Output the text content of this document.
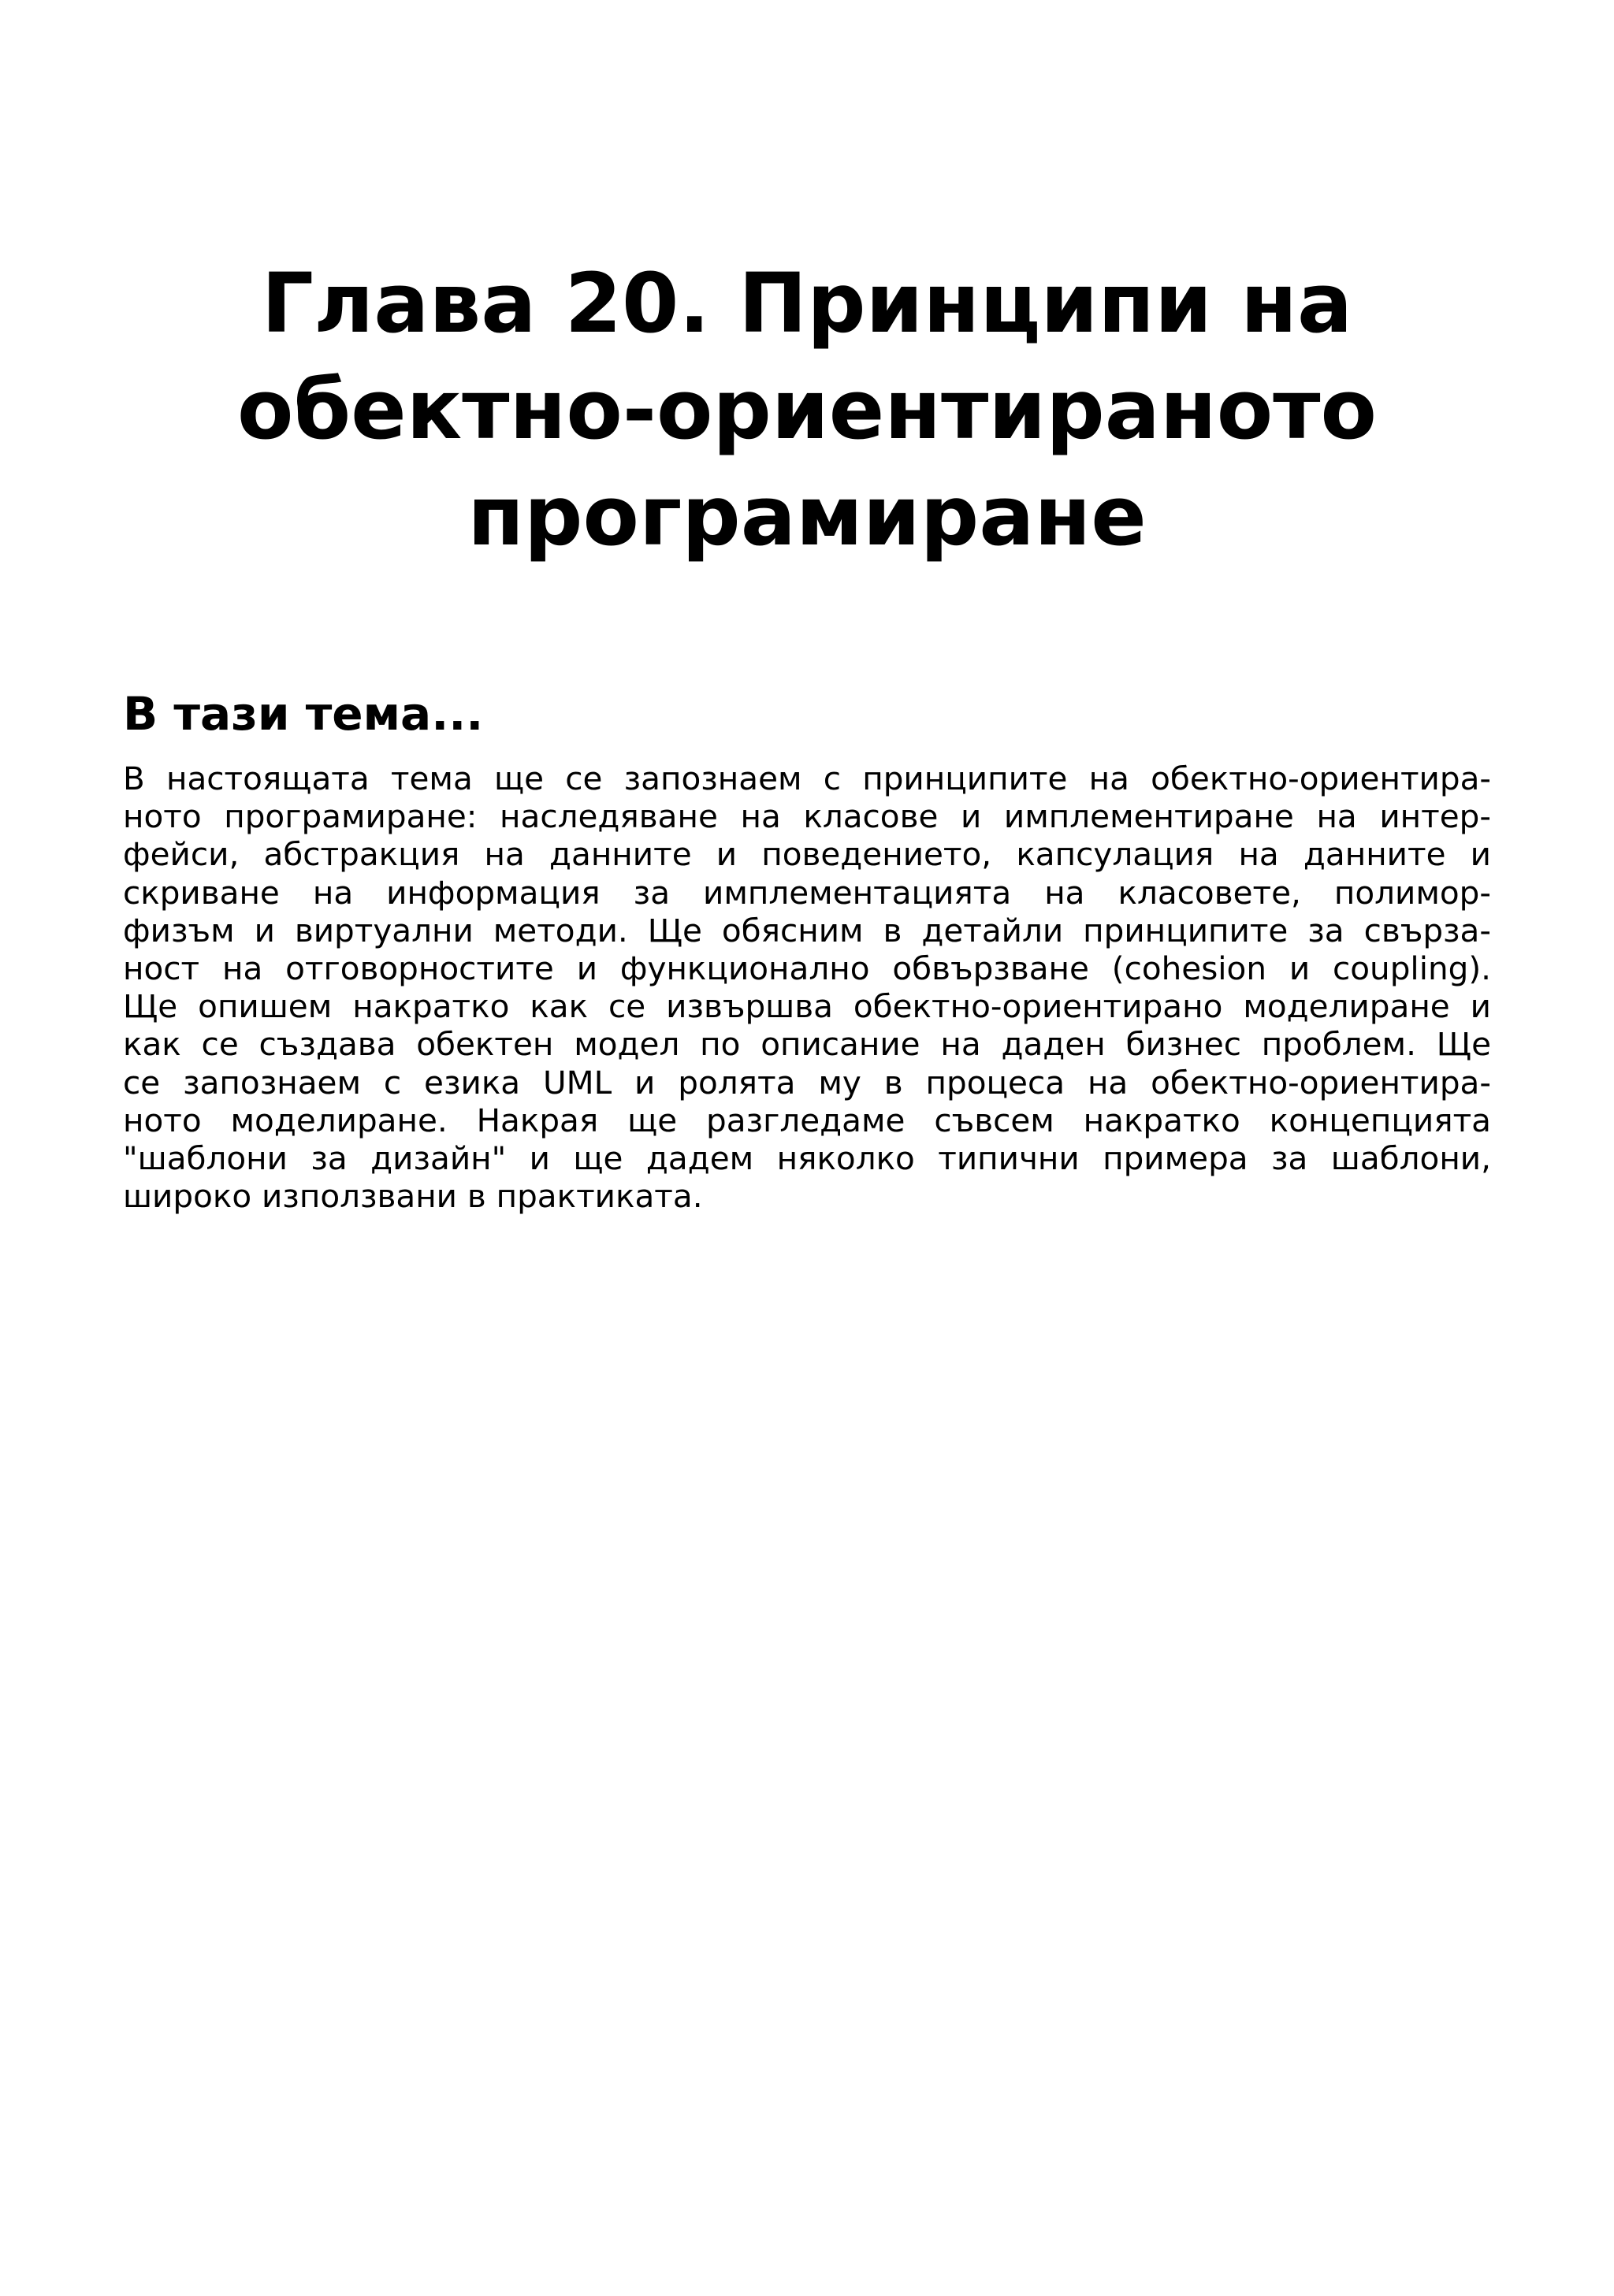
Глава 20. Принципи на
обектно-ориентираното
програмиране
В тази тема...

В настоящата тема ще се запознаем с принципите на обектно-ориентира-
ното програмиране: наследяване на класове и имплементиране на интер-
фейси, абстракция на данните и поведението, капсулация на данните и
скриване на информация за имплементацията на класовете, полимор-
физъм и виртуални методи. Ще обясним в детайли принципите за свърза-
ност на отговорностите и функционално обвързване (cohesion и coupling).
Ще опишем накратко как се извършва обектно-ориентирано моделиране и
как се създава обектен модел по описание на даден бизнес проблем. Ще
се запознаем с езика UML и ролята му в процеса на обектно-ориентира-
ното моделиране. Накрая ще разгледаме съвсем накратко концепцията
"шаблони за дизайн" и ще дадем няколко типични примера за шаблони,
широко използвани в практиката.
